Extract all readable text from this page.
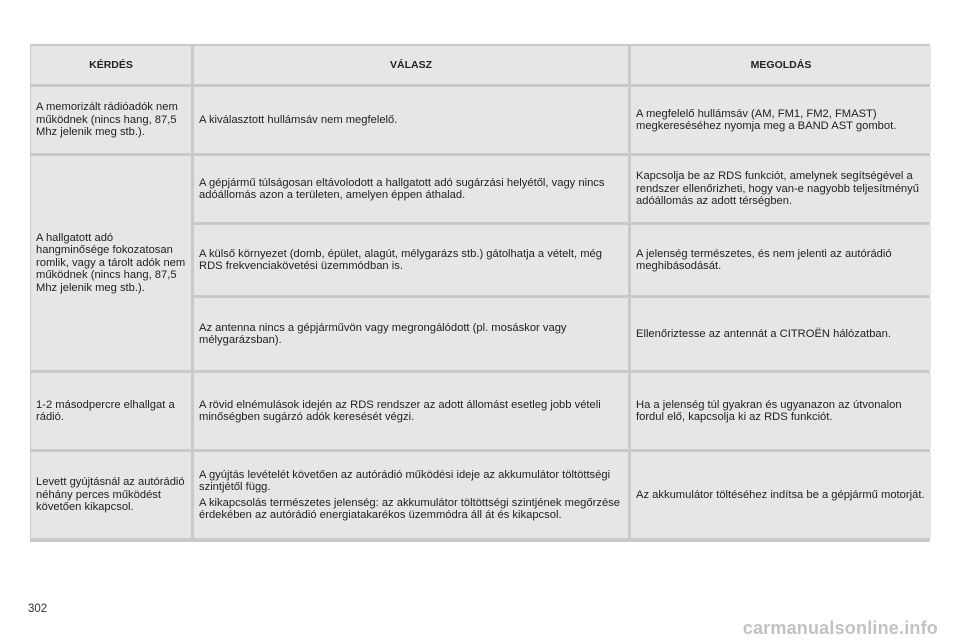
KÉRDÉS	VÁLASZ	MEGOLDÁS
A memorizált rádióadók nem működnek (nincs hang, 87,5 Mhz jelenik meg stb.).
A kiválasztott hullámsáv nem megfelelő.
A megfelelő hullámsáv (AM, FM1, FM2, FMAST) megkereséséhez nyomja meg a BAND AST gombot.
A hallgatott adó hangminősége fokozatosan romlik, vagy a tárolt adók nem működnek (nincs hang, 87,5 Mhz jelenik meg stb.).
A gépjármű túlságosan eltávolodott a hallgatott adó sugárzási helyétől, vagy nincs adóállomás azon a területen, amelyen éppen áthalad.
Kapcsolja be az RDS funkciót, amelynek segítségével a rendszer ellenőrizheti, hogy van-e nagyobb teljesítményű adóállomás az adott térségben.
A külső környezet (domb, épület, alagút, mélygarázs stb.) gátolhatja a vételt, még RDS frekvenciakövetési üzemmódban is.
A jelenség természetes, és nem jelenti az autórádió meghibásodását.
Az antenna nincs a gépjárművön vagy megrongálódott (pl. mosáskor vagy mélygarázsban).
Ellenőriztesse az antennát a CITROËN hálózatban.
1-2 másodpercre elhallgat a rádió.
A rövid elnémulások idején az RDS rendszer az adott állomást esetleg jobb vételi minőségben sugárzó adók keresését végzi.
Ha a jelenség túl gyakran és ugyanazon az útvonalon fordul elő, kapcsolja ki az RDS funkciót.
Levett gyújtásnál az autórádió néhány perces működést követően kikapcsol.
A gyújtás levételét követően az autórádió működési ideje az akkumulátor töltöttségi szintjétől függ.
A kikapcsolás természetes jelenség: az akkumulátor töltöttségi szintjének megőrzése érdekében az autórádió energiatakarékos üzemmódra áll át és kikapcsol.
Az akkumulátor töltéséhez indítsa be a gépjármű motorját.
302
carmanualsonline.info
